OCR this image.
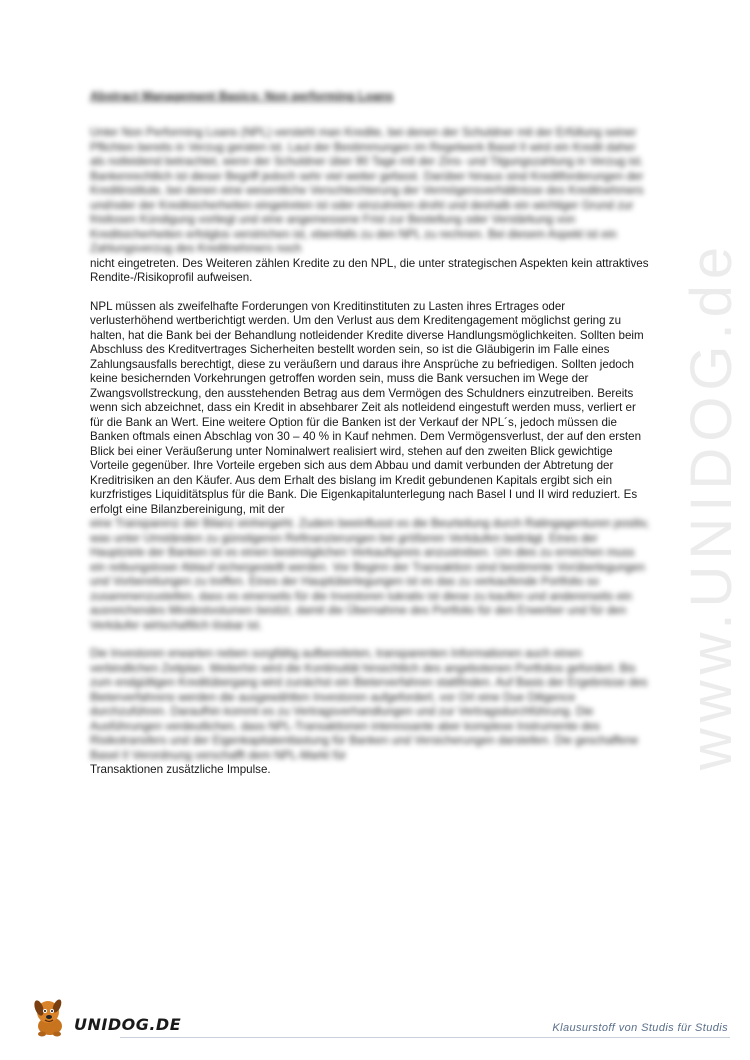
www.UNIDOG.de
Abstract Management Basics: Non performing Loans

Unter Non Performing Loans (NPL) versteht man Kredite, bei denen der Schuldner mit der Erfüllung seiner Pflichten bereits in Verzug geraten ist. Laut der Bestimmungen im Regelwerk Basel II wird ein Kredit daher als notleidend betrachtet, wenn der Schuldner über 90 Tage mit der Zins- und Tilgungszahlung in Verzug ist. Bankenrechtlich ist dieser Begriff jedoch sehr viel weiter gefasst. Darüber hinaus sind Kreditforderungen der Kreditinstitute, bei denen eine wesentliche Verschlechterung der Vermögensverhältnisse des Kreditnehmers und/oder der Kreditsicherheiten eingetreten ist oder einzutreten droht und deshalb ein wichtiger Grund zur fristlosen Kündigung vorliegt und eine angemessene Frist zur Bestellung oder Verstärkung von Kreditsicherheiten erfolglos verstrichen ist, ebenfalls zu den NPL zu rechnen. Bei diesem Aspekt ist ein Zahlungsverzug des Kreditnehmers noch

nicht eingetreten. Des Weiteren zählen Kredite zu den NPL, die unter strategischen Aspekten kein attraktives Rendite-/Risikoprofil aufweisen.

NPL müssen als zweifelhafte Forderungen von Kreditinstituten zu Lasten ihres Ertrages oder verlusterhöhend wertberichtigt werden. Um den Verlust aus dem Kreditengagement möglichst gering zu halten, hat die Bank bei der Behandlung notleidender Kredite diverse Handlungsmöglichkeiten. Sollten beim Abschluss des Kreditvertrages Sicherheiten bestellt worden sein, so ist die Gläubigerin im Falle eines Zahlungsausfalls berechtigt, diese zu veräußern und daraus ihre Ansprüche zu befriedigen. Sollten jedoch keine besichernden Vorkehrungen getroffen worden sein, muss die Bank versuchen im Wege der Zwangsvollstreckung, den ausstehenden Betrag aus dem Vermögen des Schuldners einzutreiben. Bereits wenn sich abzeichnet, dass ein Kredit in absehbarer Zeit als notleidend eingestuft werden muss, verliert er für die Bank an Wert. Eine weitere Option für die Banken ist der Verkauf der NPL´s, jedoch müssen die Banken oftmals einen Abschlag von 30 – 40 % in Kauf nehmen. Dem Vermögensverlust, der auf den ersten Blick bei einer Veräußerung unter Nominalwert realisiert wird, stehen auf den zweiten Blick gewichtige Vorteile gegenüber. Ihre Vorteile ergeben sich aus dem Abbau und damit verbunden der Abtretung der Kreditrisiken an den Käufer. Aus dem Erhalt des bislang im Kredit gebundenen Kapitals ergibt sich ein kurzfristiges Liquiditätsplus für die Bank. Die Eigenkapitalunterlegung nach Basel I und II wird reduziert. Es erfolgt eine Bilanzbereinigung, mit der

eine Transparenz der Bilanz einhergeht. Zudem beeinflusst es die Beurteilung durch Ratingagenturen positiv, was unter Umständen zu günstigeren Refinanzierungen bei größeren Verkäufen beiträgt. Eines der Hauptziele der Banken ist es einen bestmöglichen Verkaufspreis anzustreben. Um dies zu erreichen muss ein reibungsloser Ablauf sichergestellt werden. Vor Beginn der Transaktion sind bestimmte Vorüberlegungen und Vorbereitungen zu treffen. Eines der Hauptüberlegungen ist es das zu verkaufende Portfolio so zusammenzustellen, dass es einerseits für die Investoren lukrativ ist diese zu kaufen und andererseits ein ausreichendes Mindestvolumen besitzt, damit die Übernahme des Portfolio für den Erwerber und für den Verkäufer wirtschaftlich lösbar ist.

Die Investoren erwarten neben sorgfältig aufbereiteten, transparenten Informationen auch einen verbindlichen Zeitplan. Weiterhin wird die Kontinuität hinsichtlich des angebotenen Portfolios gefordert. Bis zum endgültigen Kreditübergang wird zunächst ein Bieterverfahren stattfinden. Auf Basis der Ergebnisse des Bieterverfahrens werden die ausgewählten Investoren aufgefordert, vor Ort eine Due Diligence durchzuführen. Daraufhin kommt es zu Vertragsverhandlungen und zur Vertragsdurchführung. Die Ausführungen verdeutlichen, dass NPL-Transaktionen interessante aber komplexe Instrumente des Risikotransfers und der Eigenkapitalentlastung für Banken und Versicherungen darstellen. Die geschaffene Basel II Verordnung verschafft dem NPL-Markt für

Transaktionen zusätzliche Impulse.

UNIDOG.DE	Klausurstoff von Studis für Studis
